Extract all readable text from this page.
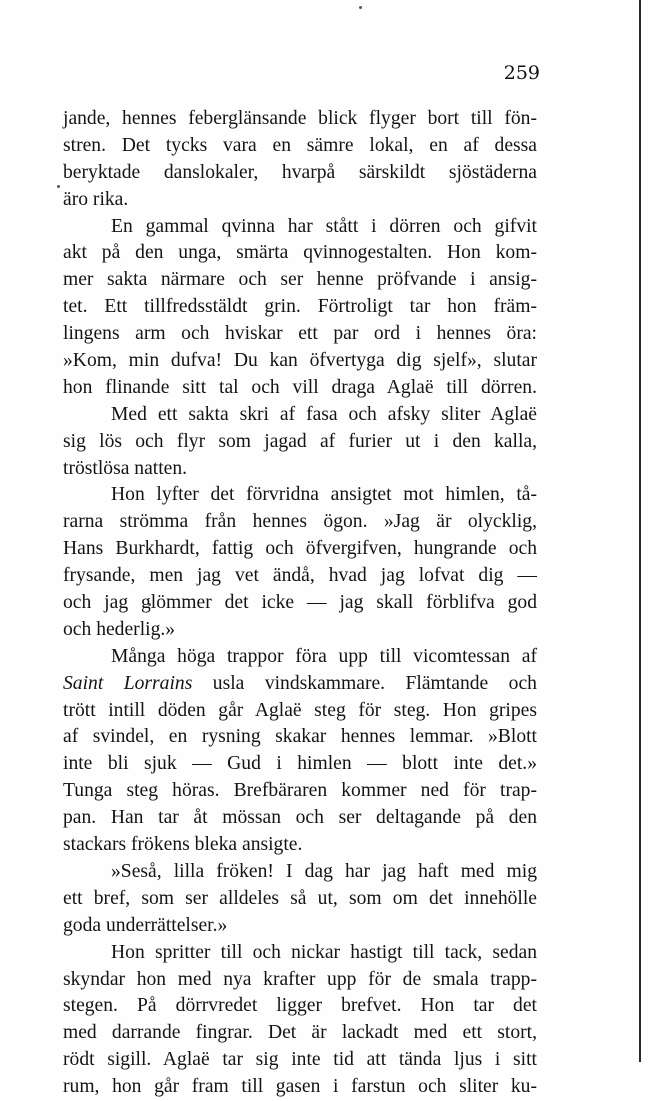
259
jande, hennes feberglänsande blick flyger bort till fön-
stren. Det tycks vara en sämre lokal, en af dessa
beryktade danslokaler, hvarpå särskildt sjöstäderna
äro rika.
En gammal qvinna har stått i dörren och gifvit
akt på den unga, smärta qvinnogestalten. Hon kom-
mer sakta närmare och ser henne pröfvande i ansig-
tet. Ett tillfredsstäldt grin. Förtroligt tar hon främ-
lingens arm och hviskar ett par ord i hennes öra:
»Kom, min dufva! Du kan öfvertyga dig sjelf», slutar
hon flinande sitt tal och vill draga Aglaë till dörren.
Med ett sakta skri af fasa och afsky sliter Aglaë
sig lös och flyr som jagad af furier ut i den kalla,
tröstlösa natten.
Hon lyfter det förvridna ansigtet mot himlen, tå-
rarna strömma från hennes ögon. »Jag är olycklig,
Hans Burkhardt, fattig och öfvergifven, hungrande och
frysande, men jag vet ändå, hvad jag lofvat dig —
och jag glömmer det icke — jag skall förblifva god
och hederlig.»
Många höga trappor föra upp till vicomtessan af
Saint Lorrains usla vindskammare. Flämtande och
trött intill döden går Aglaë steg för steg. Hon gripes
af svindel, en rysning skakar hennes lemmar. »Blott
inte bli sjuk — Gud i himlen — blott inte det.»
Tunga steg höras. Brefbäraren kommer ned för trap-
pan. Han tar åt mössan och ser deltagande på den
stackars frökens bleka ansigte.
»Seså, lilla fröken! I dag har jag haft med mig
ett bref, som ser alldeles så ut, som om det innehölle
goda underrättelser.»
Hon spritter till och nickar hastigt till tack, sedan
skyndar hon med nya krafter upp för de smala trapp-
stegen. På dörrvredet ligger brefvet. Hon tar det
med darrande fingrar. Det är lackadt med ett stort,
rödt sigill. Aglaë tar sig inte tid att tända ljus i sitt
rum, hon går fram till gasen i farstun och sliter ku-
